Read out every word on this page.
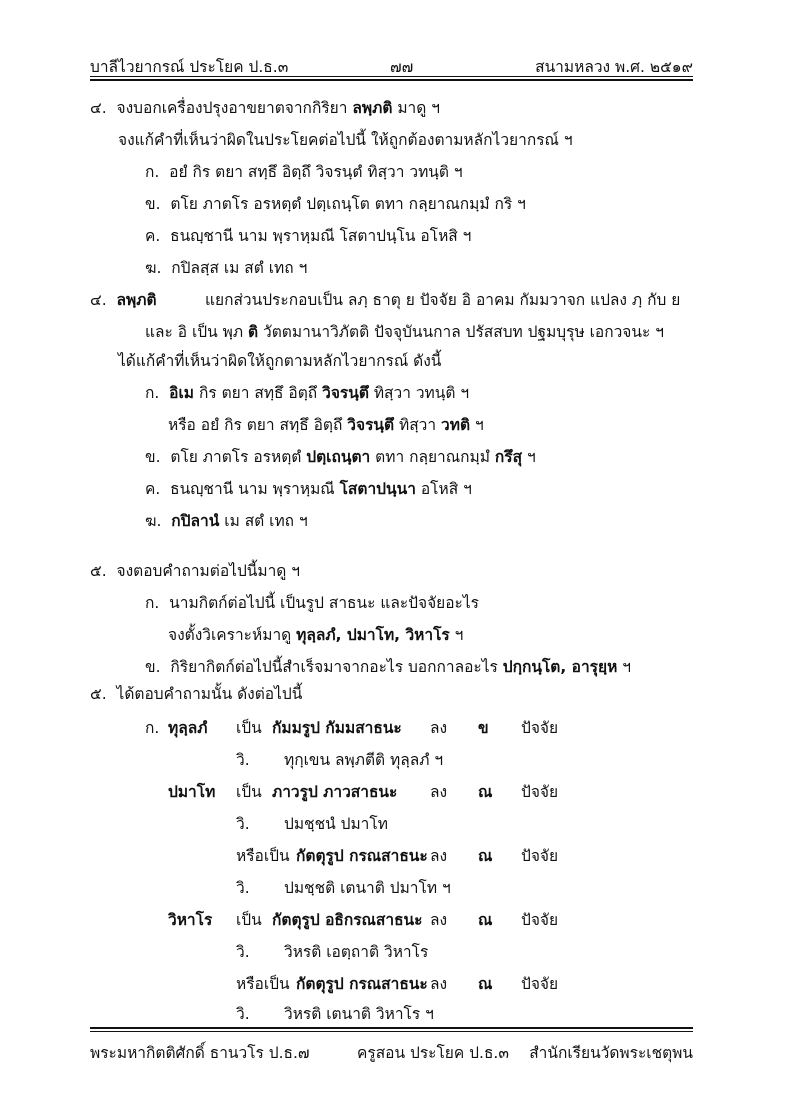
บาลีไวยากรณ์ ประโยค ป.ธ.๓	๗๗	สนามหลวง พ.ศ. ๒๕๑๙
๔. จงบอกเครื่องปรุงอาขยาตจากกิริยา ลพฺภติ มาดู ฯ
จงแก้คำที่เห็นว่าผิดในประโยคต่อไปนี้ ให้ถูกต้องตามหลักไวยากรณ์ ฯ
ก. อยํ กิร ตยา สทฺธึ อิตฺถึ วิจรนฺตํ ทิสฺวา วทนฺติ ฯ
ข. ตโย ภาตโร อรหตฺตํ ปตฺเถนฺโต ตทา กลฺยาณกมฺมํ กริ ฯ
ค. ธนญฺชานี นาม พฺราหฺมณี โสตาปนฺโน อโหสิ ฯ
ฆ. กปิลสฺส เม สตํ เทถ ฯ
๔. ลพฺภติ	แยกส่วนประกอบเป็น ลภฺ ธาตุ ย ปัจจัย อิ อาคม กัมมวาจก แปลง ภฺ กับ ย
และ อิ เป็น พฺภ ติ วัตตมานาวิภัตติ ปัจจุบันนกาล ปรัสสบท ปฐมบุรุษ เอกวจนะ ฯ
ได้แก้คำที่เห็นว่าผิดให้ถูกตามหลักไวยากรณ์ ดังนี้
ก. อิเม กิร ตยา สทฺธึ อิตฺถึ วิจรนฺตึ ทิสฺวา วทนฺติ ฯ
หรือ อยํ กิร ตยา สทฺธึ อิตฺถึ วิจรนฺตึ ทิสฺวา วทติ ฯ
ข. ตโย ภาตโร อรหตฺตํ ปตฺเถนฺตา ตทา กลฺยาณกมฺมํ กรึสุ ฯ
ค. ธนญฺชานี นาม พฺราหฺมณี โสตาปนฺนา อโหสิ ฯ
ฆ. กปิลานํ เม สตํ เทถ ฯ
๕. จงตอบคำถามต่อไปนี้มาดู ฯ
ก. นามกิตก์ต่อไปนี้ เป็นรูป สาธนะ และปัจจัยอะไร
จงตั้งวิเคราะห์มาดู ทุลฺลภํ, ปมาโท, วิหาโร ฯ
ข. กิริยากิตก์ต่อไปนี้สำเร็จมาจากอะไร บอกกาลอะไร ปกฺกนฺโต, อารุยฺห ฯ
๕. ได้ตอบคำถามนั้น ดังต่อไปนี้
ก. ทุลฺลภํ เป็น กัมมรูป กัมมสาธนะ ลง ข ปัจจัย
วิ. ทุกฺเขน ลพฺภตีติ ทุลฺลภํ ฯ
ปมาโท เป็น ภาวรูป ภาวสาธนะ ลง ณ ปัจจัย
วิ. ปมชฺชนํ ปมาโท
หรือเป็น กัตตุรูป กรณสาธนะ ลง ณ ปัจจัย
วิ. ปมชฺชติ เตนาติ ปมาโท ฯ
วิหาโร เป็น กัตตุรูป อธิกรณสาธนะ ลง ณ ปัจจัย
วิ. วิหรติ เอตฺถาติ วิหาโร
หรือเป็น กัตตุรูป กรณสาธนะ ลง ณ ปัจจัย
วิ. วิหรติ เตนาติ วิหาโร ฯ
พระมหากิตติศักดิ์ ธานวโร ป.ธ.๗	ครูสอน ประโยค ป.ธ.๓ สำนักเรียนวัดพระเชตุพน
